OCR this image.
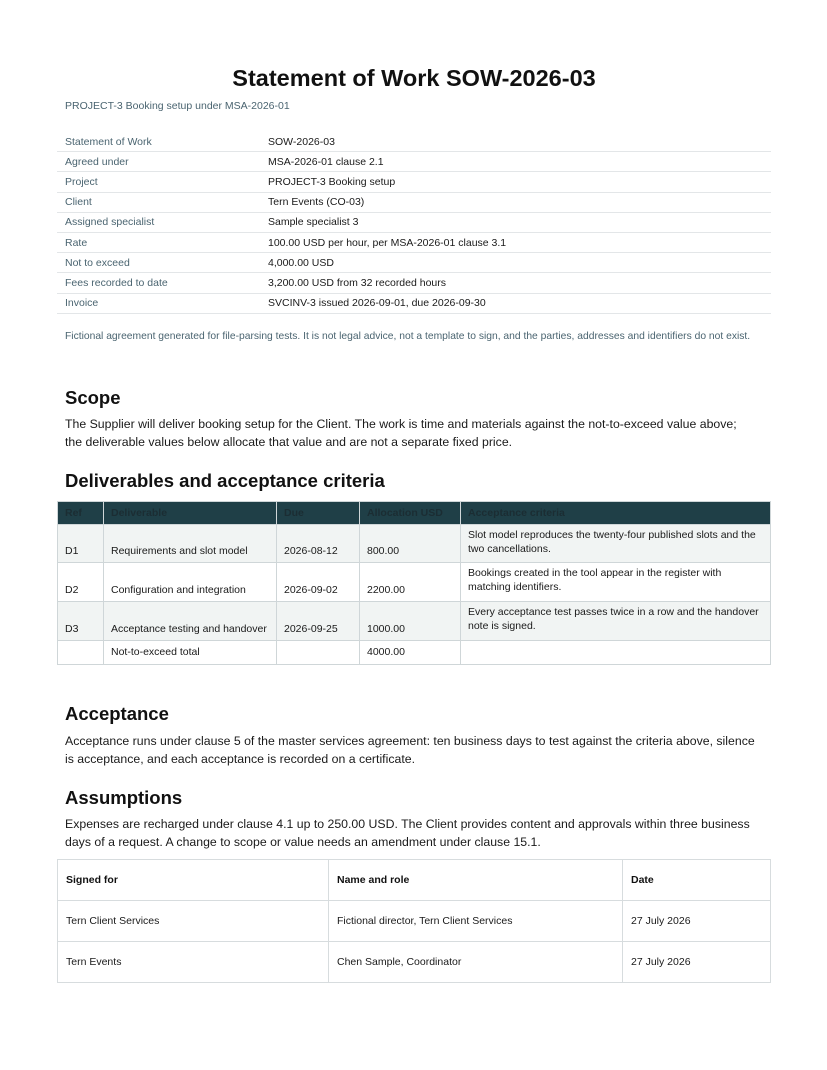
Statement of Work SOW-2026-03
PROJECT-3 Booking setup under MSA-2026-01
Statement of Work	SOW-2026-03
Agreed under	MSA-2026-01 clause 2.1
Project	PROJECT-3 Booking setup
Client	Tern Events (CO-03)
Assigned specialist	Sample specialist 3
Rate	100.00 USD per hour, per MSA-2026-01 clause 3.1
Not to exceed	4,000.00 USD
Fees recorded to date	3,200.00 USD from 32 recorded hours
Invoice	SVCINV-3 issued 2026-09-01, due 2026-09-30
Fictional agreement generated for file-parsing tests. It is not legal advice, not a template to sign, and the parties, addresses and identifiers do not exist.
Scope
The Supplier will deliver booking setup for the Client. The work is time and materials against the not-to-exceed value above; the deliverable values below allocate that value and are not a separate fixed price.
Deliverables and acceptance criteria
Ref	Deliverable	Due	Allocation USD	Acceptance criteria
D1	Requirements and slot model	2026-08-12	800.00	Slot model reproduces the twenty-four published slots and the two cancellations.
D2	Configuration and integration	2026-09-02	2200.00	Bookings created in the tool appear in the register with matching identifiers.
D3	Acceptance testing and handover	2026-09-25	1000.00	Every acceptance test passes twice in a row and the handover note is signed.
	Not-to-exceed total		4000.00	
Acceptance
Acceptance runs under clause 5 of the master services agreement: ten business days to test against the criteria above, silence is acceptance, and each acceptance is recorded on a certificate.
Assumptions
Expenses are recharged under clause 4.1 up to 250.00 USD. The Client provides content and approvals within three business days of a request. A change to scope or value needs an amendment under clause 15.1.
Signed for	Name and role	Date
Tern Client Services	Fictional director, Tern Client Services	27 July 2026
Tern Events	Chen Sample, Coordinator	27 July 2026
